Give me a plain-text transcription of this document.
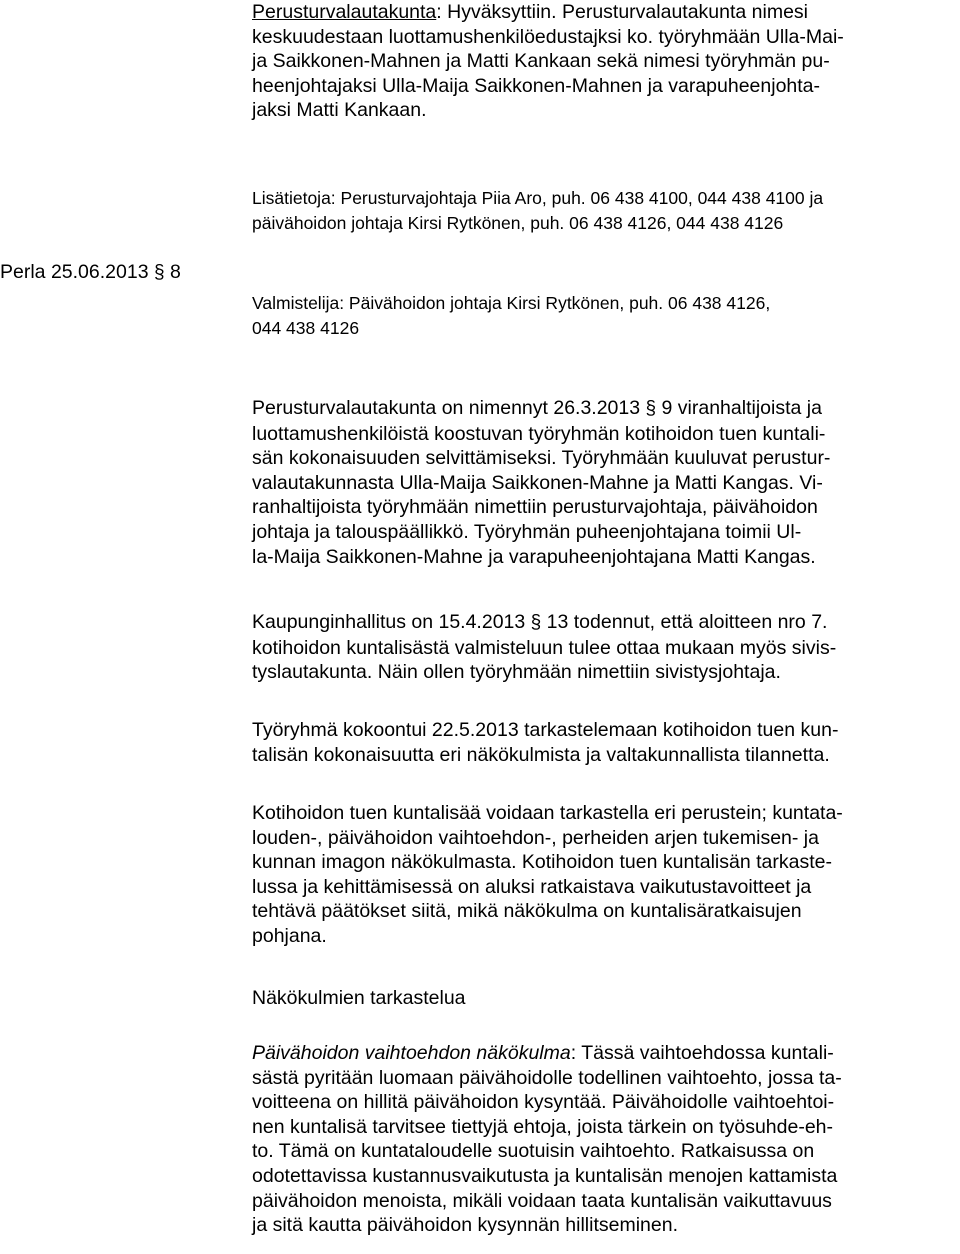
Perusturvalautakunta: Hyväksyttiin. Perusturvalautakunta nimesi
keskuudestaan luottamushenkilöedustajksi ko. työryhmään Ulla-Mai-
ja Saikkonen-Mahnen ja Matti Kankaan sekä nimesi työryhmän pu-
heenjohtajaksi Ulla-Maija Saikkonen-Mahnen ja varapuheenjohta-
jaksi Matti Kankaan.
Lisätietoja: Perusturvajohtaja Piia Aro, puh. 06 438 4100, 044 438 4100 ja
päivähoidon johtaja Kirsi Rytkönen, puh. 06 438 4126, 044 438 4126

Perla 25.06.2013 § 8

Valmistelija: Päivähoidon johtaja Kirsi Rytkönen, puh. 06 438 4126,
044 438 4126
Perusturvalautakunta on nimennyt 26.3.2013 § 9 viranhaltijoista ja
luottamushenkilöistä koostuvan työryhmän kotihoidon tuen kuntali-
sän kokonaisuuden selvittämiseksi. Työryhmään kuuluvat perustur-
valautakunnasta Ulla-Maija Saikkonen-Mahne ja Matti Kangas. Vi-
ranhaltijoista työryhmään nimettiin perusturvajohtaja, päivähoidon
johtaja ja talouspäällikkö. Työryhmän puheenjohtajana toimii Ul-
la-Maija Saikkonen-Mahne ja varapuheenjohtajana Matti Kangas.
Kaupunginhallitus on 15.4.2013 § 13 todennut, että aloitteen nro 7.
kotihoidon kuntalisästä valmisteluun tulee ottaa mukaan myös sivis-
tyslautakunta. Näin ollen työryhmään nimettiin sivistysjohtaja.
Työryhmä kokoontui 22.5.2013 tarkastelemaan kotihoidon tuen kun-
talisän kokonaisuutta eri näkökulmista ja valtakunnallista tilannetta.
Kotihoidon tuen kuntalisää voidaan tarkastella eri perustein; kuntata-
louden-, päivähoidon vaihtoehdon-, perheiden arjen tukemisen- ja
kunnan imagon näkökulmasta. Kotihoidon tuen kuntalisän tarkaste-
lussa ja kehittämisessä on aluksi ratkaistava vaikutustavoitteet ja
tehtävä päätökset siitä, mikä näkökulma on kuntalisäratkaisujen
pohjana.
Näkökulmien tarkastelua
Päivähoidon vaihtoehdon näkökulma: Tässä vaihtoehdossa kuntali-
sästä pyritään luomaan päivähoidolle todellinen vaihtoehto, jossa ta-
voitteena on hillitä päivähoidon kysyntää. Päivähoidolle vaihtoehtoi-
nen kuntalisä tarvitsee tiettyjä ehtoja, joista tärkein on työsuhde-eh-
to. Tämä on kuntataloudelle suotuisin vaihtoehto. Ratkaisussa on
odotettavissa kustannusvaikutusta ja kuntalisän menojen kattamista
päivähoidon menoista, mikäli voidaan taata kuntalisän vaikuttavuus
ja sitä kautta päivähoidon kysynnän hillitseminen.
